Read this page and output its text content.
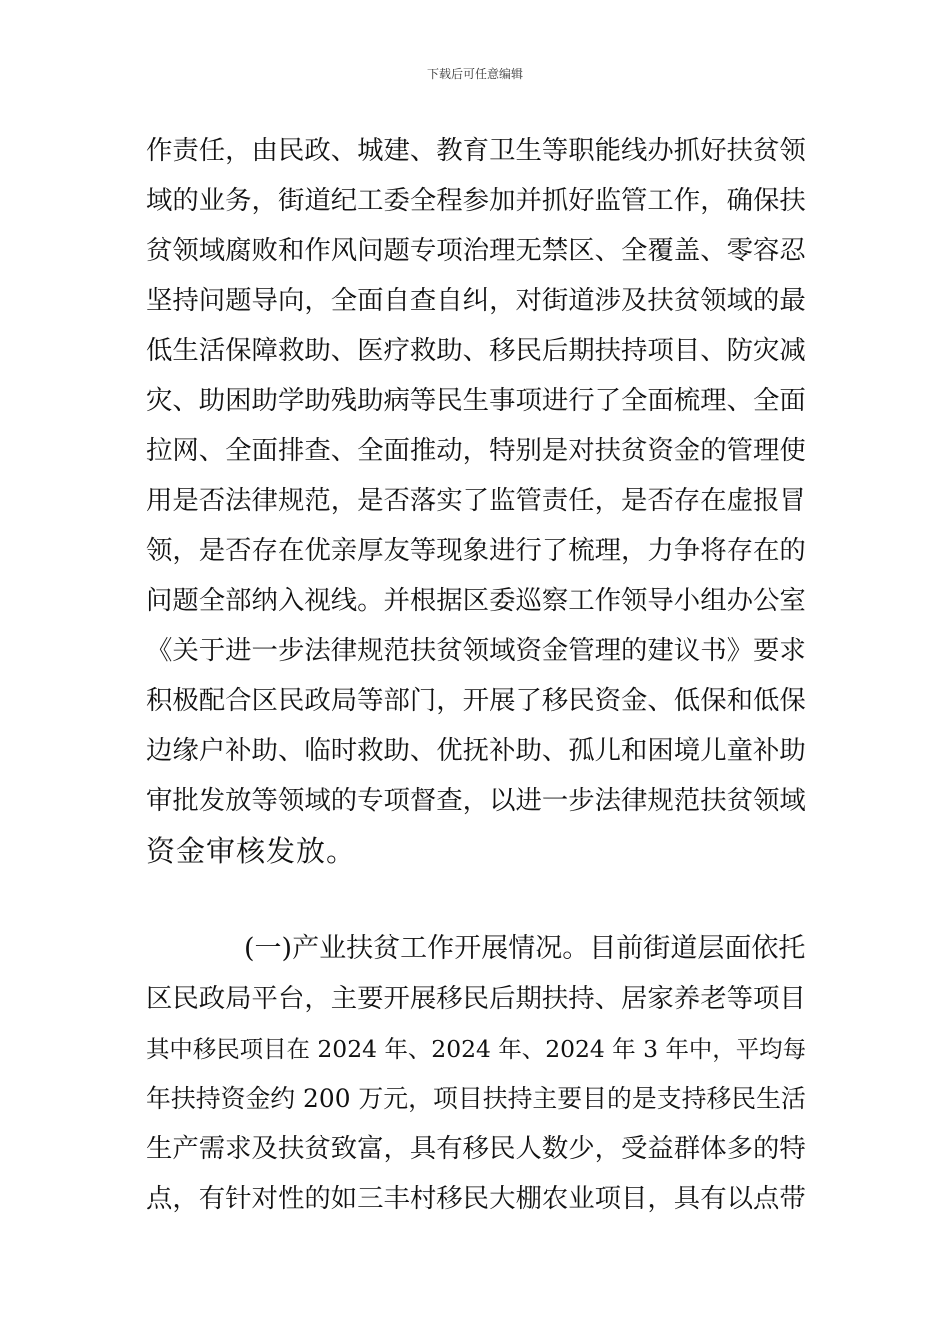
下载后可任意编辑
作责任，由民政、城建、教育卫生等职能线办抓好扶贫领
域的业务，街道纪工委全程参加并抓好监管工作，确保扶
贫领域腐败和作风问题专项治理无禁区、全覆盖、零容忍
坚持问题导向，全面自查自纠，对街道涉及扶贫领域的最
低生活保障救助、医疗救助、移民后期扶持项目、防灾减
灾、助困助学助残助病等民生事项进行了全面梳理、全面
拉网、全面排查、全面推动，特别是对扶贫资金的管理使
用是否法律规范，是否落实了监管责任，是否存在虚报冒
领，是否存在优亲厚友等现象进行了梳理，力争将存在的
问题全部纳入视线。并根据区委巡察工作领导小组办公室
《关于进一步法律规范扶贫领域资金管理的建议书》要求
积极配合区民政局等部门，开展了移民资金、低保和低保
边缘户补助、临时救助、优抚补助、孤儿和困境儿童补助
审批发放等领域的专项督查，以进一步法律规范扶贫领域
资金审核发放。
(一)产业扶贫工作开展情况。目前街道层面依托
区民政局平台，主要开展移民后期扶持、居家养老等项目
其中移民项目在 2024 年、2024 年、2024 年 3 年中，平均每
年扶持资金约 200 万元，项目扶持主要目的是支持移民生活
生产需求及扶贫致富，具有移民人数少，受益群体多的特
点，有针对性的如三丰村移民大棚农业项目，具有以点带
